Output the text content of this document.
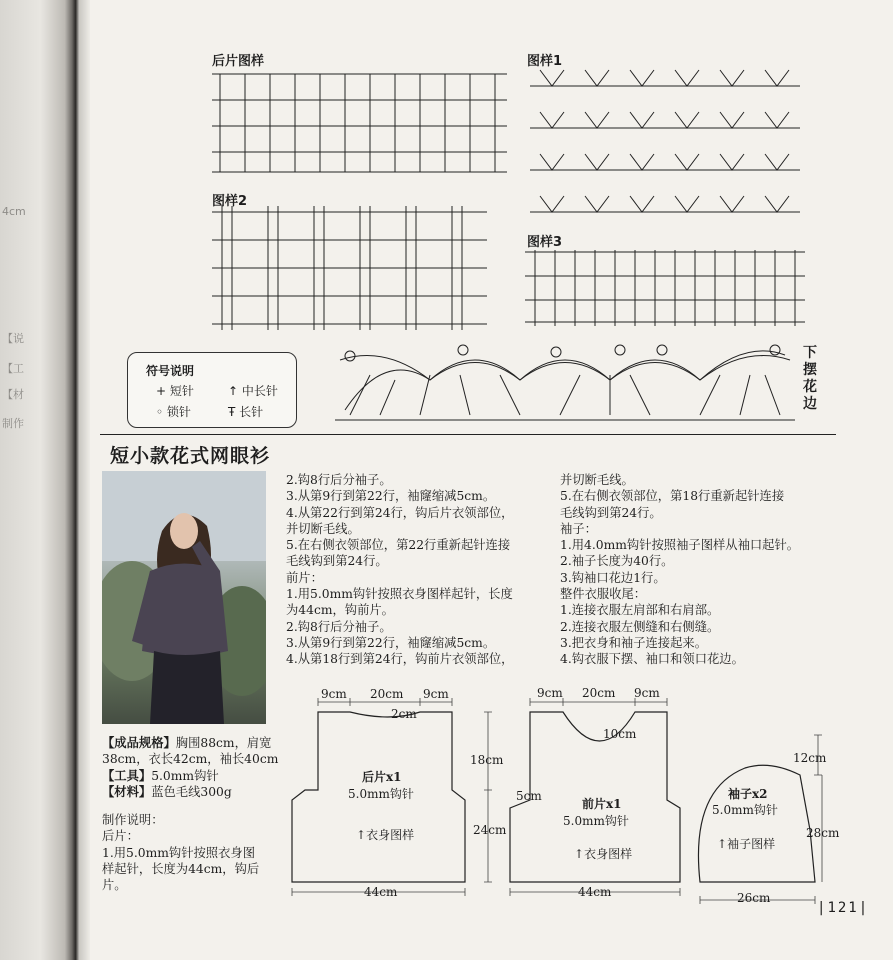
4cm
【说
【工
【材
制作
后片图样	图样1
图样2
图样3
下摆花边
符号说明
+ 短针	↑ 中长针
◦ 锁针	Ŧ 长针
短小款花式网眼衫
【成品规格】胸围88cm，肩宽
38cm，衣长42cm，袖长40cm
【工具】5.0mm钩针
【材料】蓝色毛线300g
制作说明：
后片：
1.用5.0mm钩针按照衣身图
样起针，长度为44cm，钩后
片。
2.钩8行后分袖子。
3.从第9行到第22行，袖窿缩减5cm。
4.从第22行到第24行，钩后片衣领部位，
并切断毛线。
5.在右侧衣领部位，第22行重新起针连接
毛线钩到第24行。
前片：
1.用5.0mm钩针按照衣身图样起针，长度
为44cm，钩前片。
2.钩8行后分袖子。
3.从第9行到第22行，袖窿缩减5cm。
4.从第18行到第24行，钩前片衣领部位，
并切断毛线。
5.在右侧衣领部位，第18行重新起针连接
毛线钩到第24行。
袖子：
1.用4.0mm钩针按照袖子图样从袖口起针。
2.袖子长度为40行。
3.钩袖口花边1行。
整件衣服收尾：
1.连接衣服左肩部和右肩部。
2.连接衣服左侧缝和右侧缝。
3.把衣身和袖子连接起来。
4.钩衣服下摆、袖口和领口花边。
9cm 20cm 9cm
2cm
18cm
24cm
44cm
后片x1
5.0mm钩针
↑衣身图样
9cm 20cm 9cm
10cm
5cm
44cm
前片x1
5.0mm钩针
↑衣身图样
12cm
28cm
26cm
袖子x2
5.0mm钩针
↑袖子图样
|121|
